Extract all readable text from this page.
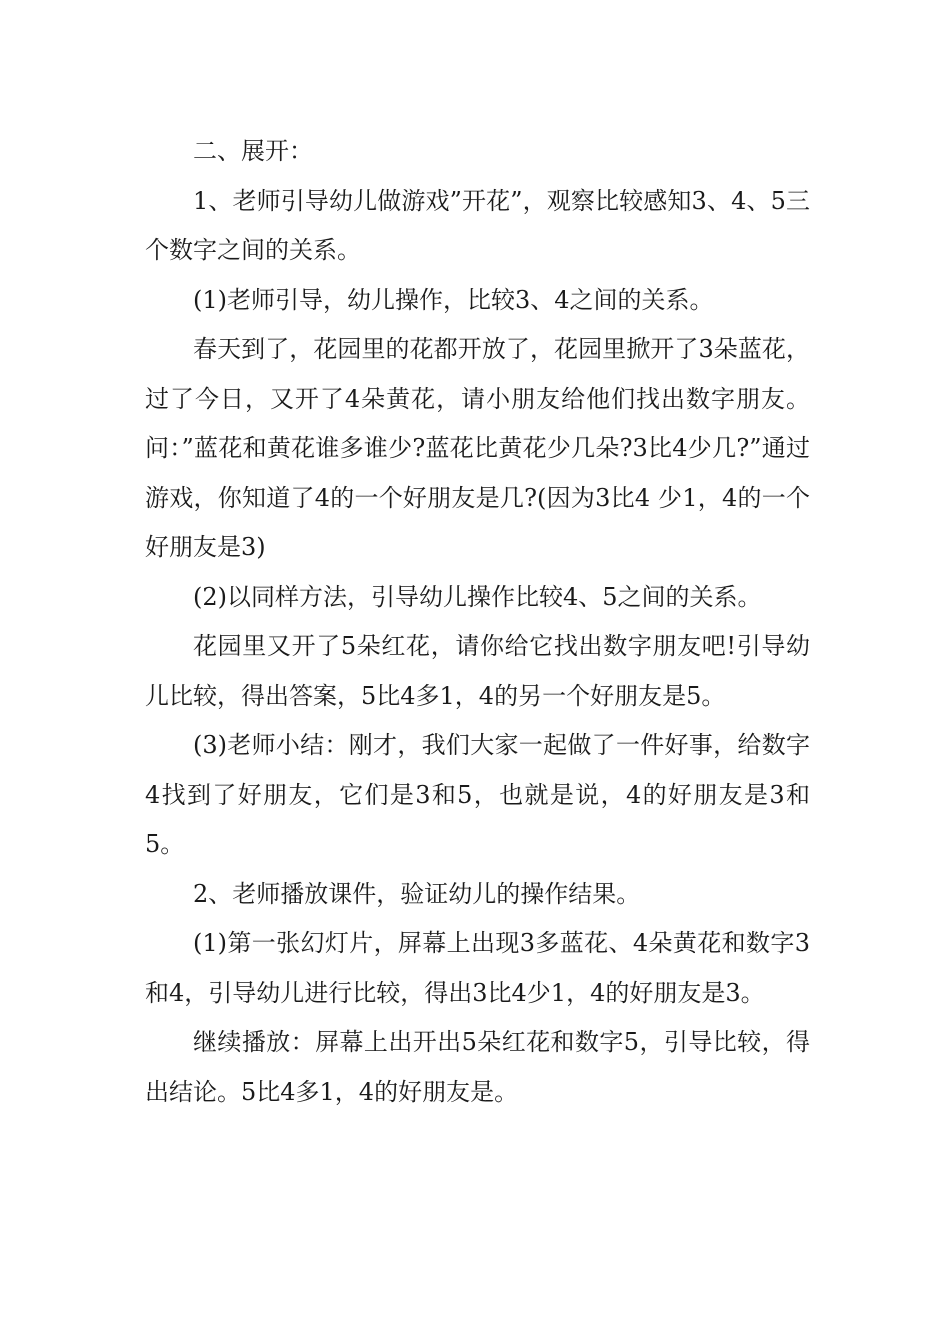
二、展开：

1、老师引导幼儿做游戏”开花”，观察比较感知3、4、5三个数字之间的关系。

(1)老师引导，幼儿操作，比较3、4之间的关系。

春天到了，花园里的花都开放了，花园里掀开了3朵蓝花，过了今日，又开了4朵黄花，请小朋友给他们找出数字朋友。问：”蓝花和黄花谁多谁少?蓝花比黄花少几朵?3比4少几?”通过游戏，你知道了4的一个好朋友是几?(因为3比4 少1，4的一个好朋友是3)

(2)以同样方法，引导幼儿操作比较4、5之间的关系。

花园里又开了5朵红花，请你给它找出数字朋友吧!引导幼儿比较，得出答案，5比4多1，4的另一个好朋友是5。

(3)老师小结：刚才，我们大家一起做了一件好事，给数字4找到了好朋友，它们是3和5，也就是说，4的好朋友是3和5。

2、老师播放课件，验证幼儿的操作结果。

(1)第一张幻灯片，屏幕上出现3多蓝花、4朵黄花和数字3和4，引导幼儿进行比较，得出3比4少1，4的好朋友是3。

继续播放：屏幕上出开出5朵红花和数字5，引导比较，得出结论。5比4多1，4的好朋友是。
